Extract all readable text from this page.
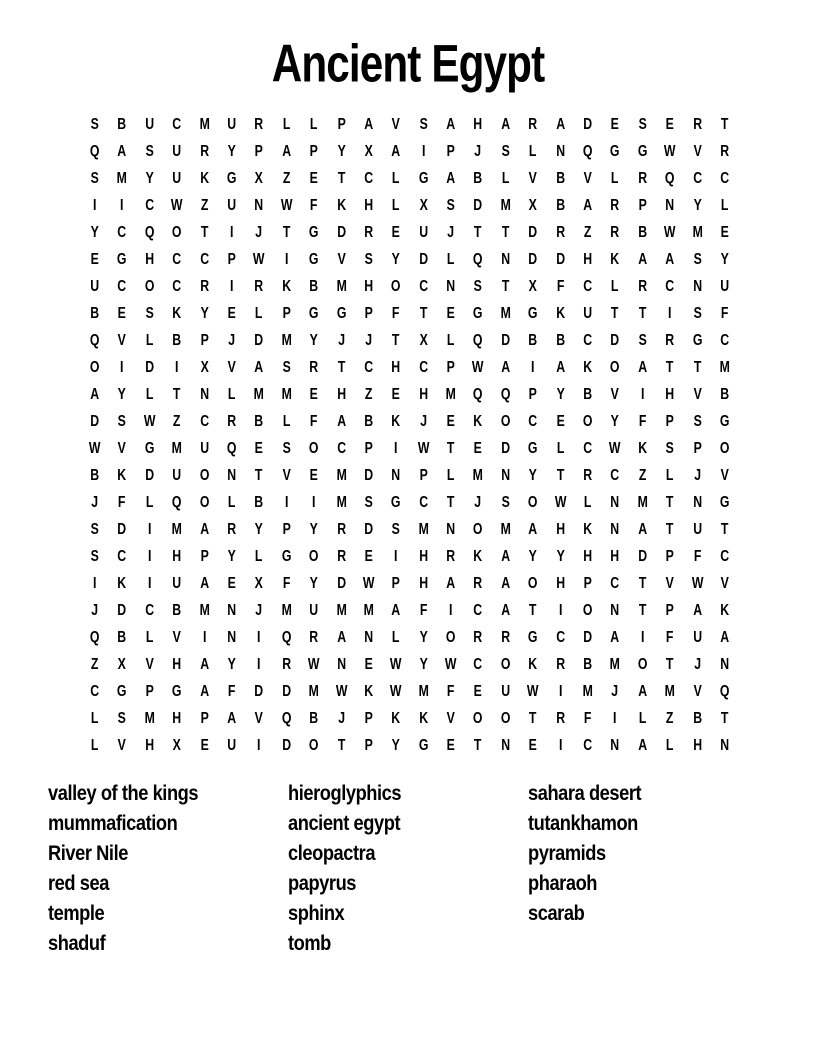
Ancient Egypt
S	B	U	C	M	U	R	L	L	P	A	V	S	A	H	A	R	A	D	E	S	E	R	T
Q	A	S	U	R	Y	P	A	P	Y	X	A	I	P	J	S	L	N	Q	G	G	W	V	R
S	M	Y	U	K	G	X	Z	E	T	C	L	G	A	B	L	V	B	V	L	R	Q	C	C
I	I	C	W	Z	U	N	W	F	K	H	L	X	S	D	M	X	B	A	R	P	N	Y	L
Y	C	Q	O	T	I	J	T	G	D	R	E	U	J	T	T	D	R	Z	R	B	W	M	E
E	G	H	C	C	P	W	I	G	V	S	Y	D	L	Q	N	D	D	H	K	A	A	S	Y
U	C	O	C	R	I	R	K	B	M	H	O	C	N	S	T	X	F	C	L	R	C	N	U
B	E	S	K	Y	E	L	P	G	G	P	F	T	E	G	M	G	K	U	T	T	I	S	F
Q	V	L	B	P	J	D	M	Y	J	J	T	X	L	Q	D	B	B	C	D	S	R	G	C
O	I	D	I	X	V	A	S	R	T	C	H	C	P	W	A	I	A	K	O	A	T	T	M
A	Y	L	T	N	L	M	M	E	H	Z	E	H	M	Q	Q	P	Y	B	V	I	H	V	B
D	S	W	Z	C	R	B	L	F	A	B	K	J	E	K	O	C	E	O	Y	F	P	S	G
W	V	G	M	U	Q	E	S	O	C	P	I	W	T	E	D	G	L	C	W	K	S	P	O
B	K	D	U	O	N	T	V	E	M	D	N	P	L	M	N	Y	T	R	C	Z	L	J	V
J	F	L	Q	O	L	B	I	I	M	S	G	C	T	J	S	O	W	L	N	M	T	N	G
S	D	I	M	A	R	Y	P	Y	R	D	S	M	N	O	M	A	H	K	N	A	T	U	T
S	C	I	H	P	Y	L	G	O	R	E	I	H	R	K	A	Y	Y	H	H	D	P	F	C
I	K	I	U	A	E	X	F	Y	D	W	P	H	A	R	A	O	H	P	C	T	V	W	V
J	D	C	B	M	N	J	M	U	M	M	A	F	I	C	A	T	I	O	N	T	P	A	K
Q	B	L	V	I	N	I	Q	R	A	N	L	Y	O	R	R	G	C	D	A	I	F	U	A
Z	X	V	H	A	Y	I	R	W	N	E	W	Y	W	C	O	K	R	B	M	O	T	J	N
C	G	P	G	A	F	D	D	M	W	K	W	M	F	E	U	W	I	M	J	A	M	V	Q
L	S	M	H	P	A	V	Q	B	J	P	K	K	V	O	O	T	R	F	I	L	Z	B	T
L	V	H	X	E	U	I	D	O	T	P	Y	G	E	T	N	E	I	C	N	A	L	H	N
valley of the kings
mummafication
River Nile
red sea
temple
shaduf
hieroglyphics
ancient egypt
cleopactra
papyrus
sphinx
tomb
sahara desert
tutankhamon
pyramids
pharaoh
scarab
